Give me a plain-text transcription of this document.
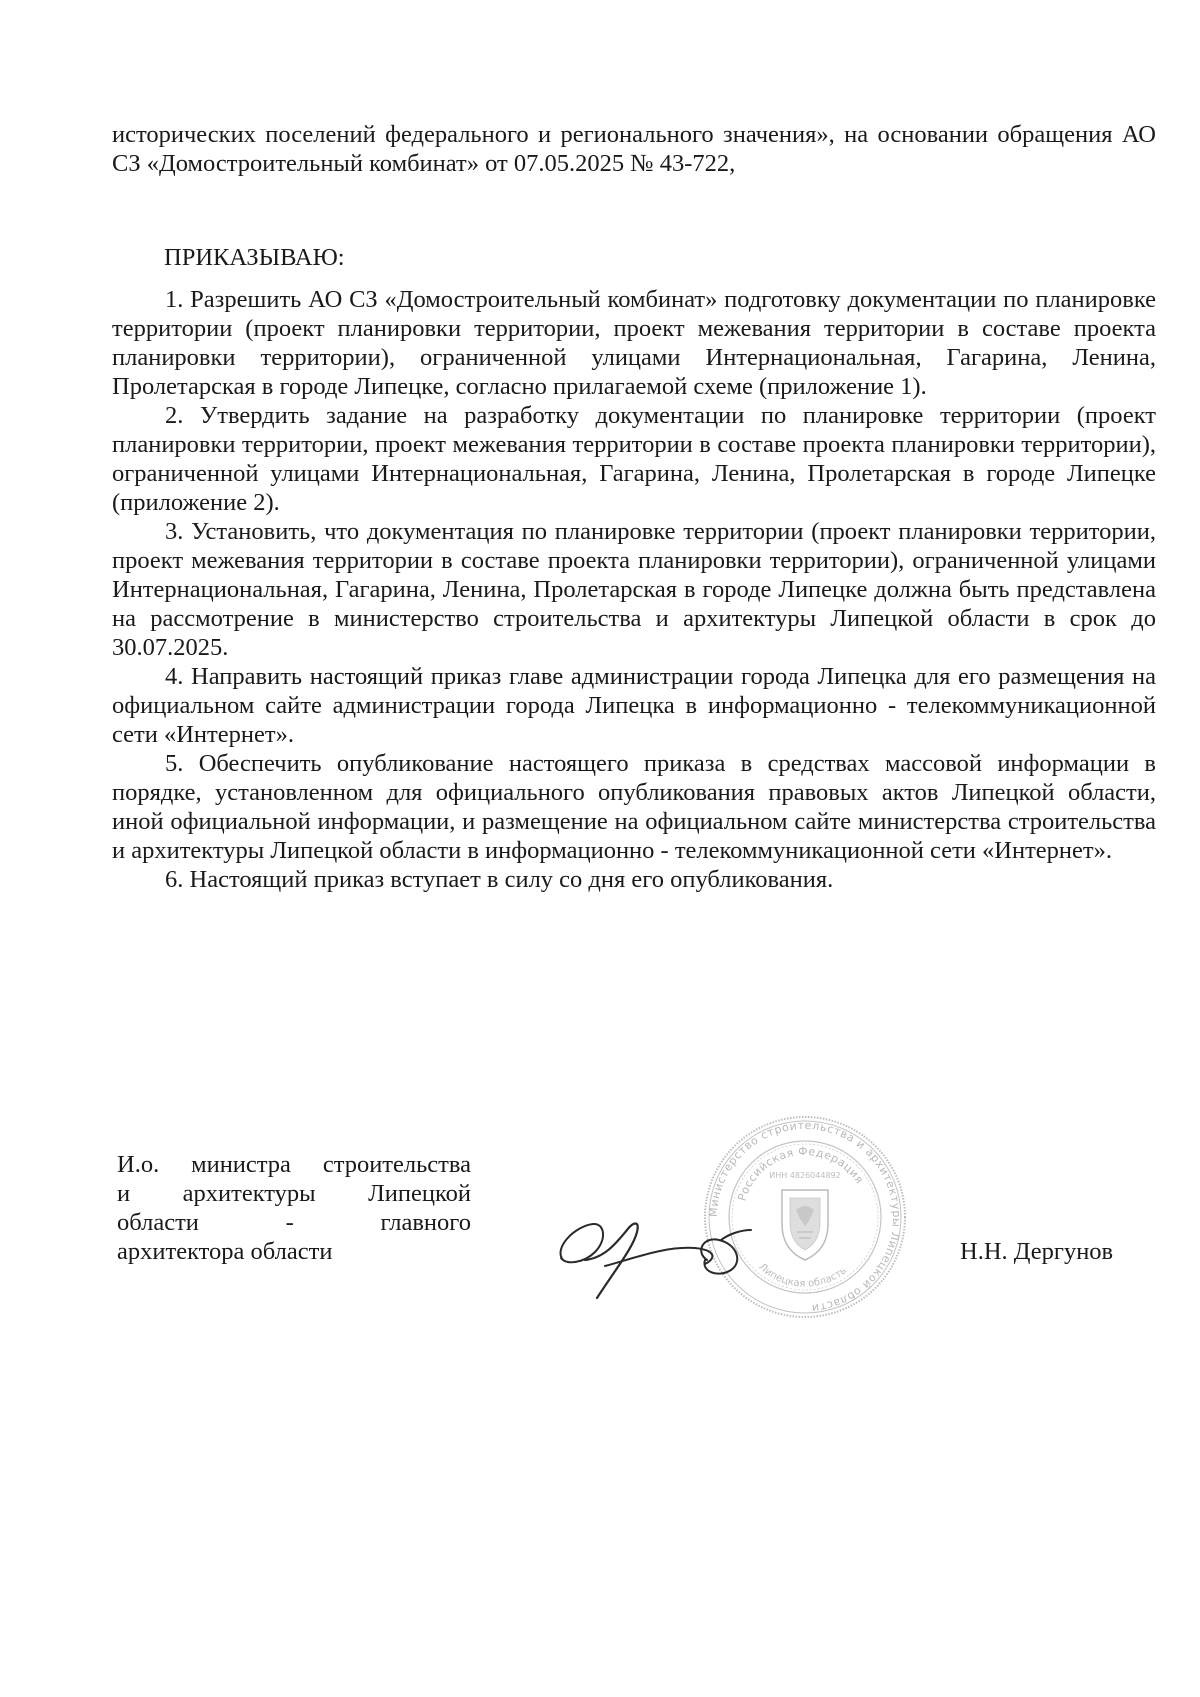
исторических поселений федерального и регионального значения», на основании обращения АО СЗ «Домостроительный комбинат» от 07.05.2025 № 43-722,

ПРИКАЗЫВАЮ:

1. Разрешить АО СЗ «Домостроительный комбинат» подготовку документации по планировке территории (проект планировки территории, проект межевания территории в составе проекта планировки территории), ограниченной улицами Интернациональная, Гагарина, Ленина, Пролетарская в городе Липецке, согласно прилагаемой схеме (приложение 1).

2. Утвердить задание на разработку документации по планировке территории (проект планировки территории, проект межевания территории в составе проекта планировки территории), ограниченной улицами Интернациональная, Гагарина, Ленина, Пролетарская в городе Липецке (приложение 2).

3. Установить, что документация по планировке территории (проект планировки территории, проект межевания территории в составе проекта планировки территории), ограниченной улицами Интернациональная, Гагарина, Ленина, Пролетарская в городе Липецке должна быть представлена на рассмотрение в министерство строительства и архитектуры Липецкой области в срок до 30.07.2025.

4. Направить настоящий приказ главе администрации города Липецка для его размещения на официальном сайте администрации города Липецка в информационно - телекоммуникационной сети «Интернет».

5. Обеспечить опубликование настоящего приказа в средствах массовой информации в порядке, установленном для официального опубликования правовых актов Липецкой области, иной официальной информации, и размещение на официальном сайте министерства строительства и архитектуры Липецкой области в информационно - телекоммуникационной сети «Интернет».

6. Настоящий приказ вступает в силу со дня его опубликования.

И.о. министра строительства
и архитектуры Липецкой
области - главного
архитектора области
Министерство строительства и архитектуры Липецкой области
Российская Федерация
Липецкая область
ИНН 4826044892
Н.Н. Дергунов
